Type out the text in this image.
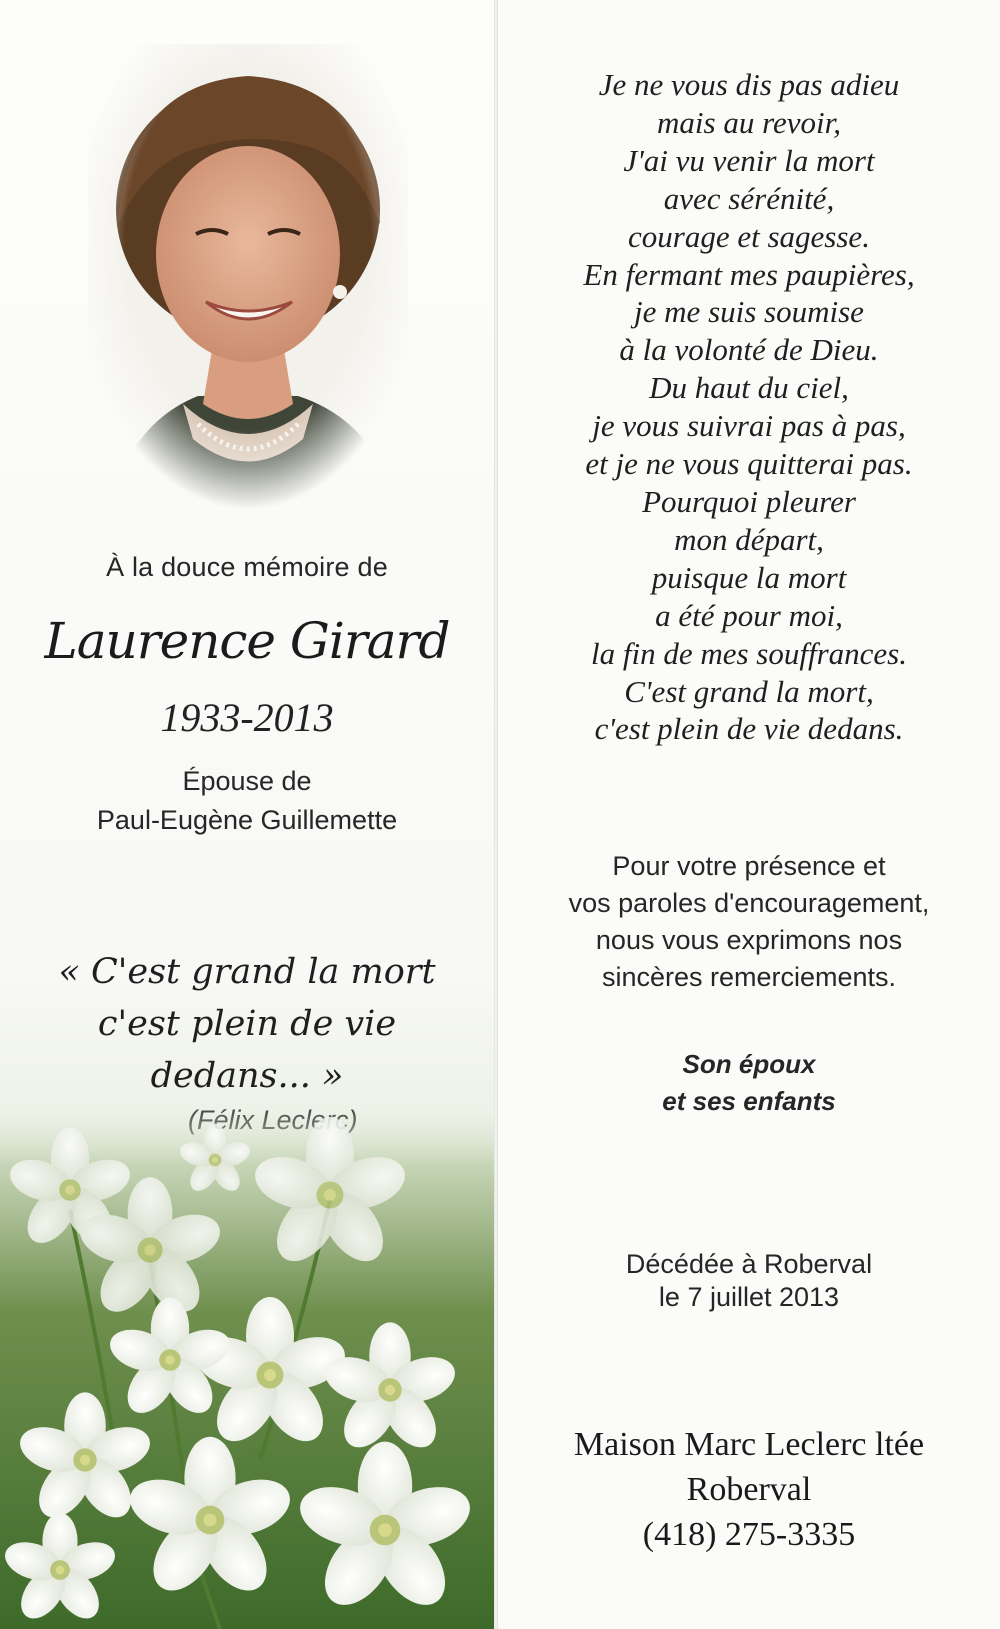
À la douce mémoire de
Laurence Girard
1933-2013
Épouse de
Paul-Eugène Guillemette
« C'est grand la mort
c'est plein de vie
dedans... »
Je ne vous dis pas adieu
mais au revoir,
J'ai vu venir la mort
avec sérénité,
courage et sagesse.
En fermant mes paupières,
je me suis soumise
à la volonté de Dieu.
Du haut du ciel,
je vous suivrai pas à pas,
et je ne vous quitterai pas.
Pourquoi pleurer
mon départ,
puisque la mort
a été pour moi,
la fin de mes souffrances.
C'est grand la mort,
c'est plein de vie dedans.
Pour votre présence et
vos paroles d'encouragement,
nous vous exprimons nos
sincères remerciements.
Son époux
et ses enfants
Décédée à Roberval
le 7 juillet 2013
Maison Marc Leclerc ltée
Roberval
(418) 275-3335
